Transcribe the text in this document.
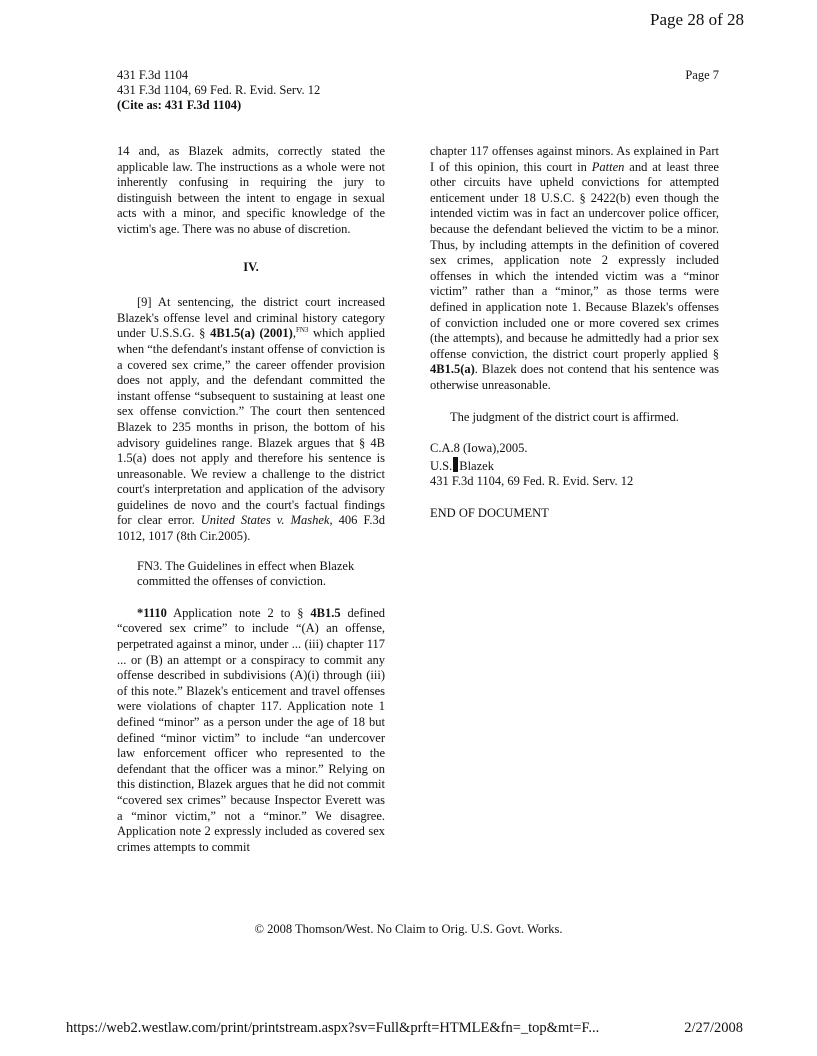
Page 28 of 28
431 F.3d 1104
431 F.3d 1104, 69 Fed. R. Evid. Serv. 12
(Cite as: 431 F.3d 1104)
Page 7

14 and, as Blazek admits, correctly stated the applicable law. The instructions as a whole were not inherently confusing in requiring the jury to distinguish between the intent to engage in sexual acts with a minor, and specific knowledge of the victim's age. There was no abuse of discretion.

IV.

[9] At sentencing, the district court increased Blazek's offense level and criminal history category under U.S.S.G. § 4B1.5(a) (2001),$^{FN3}$ which applied when “the defendant's instant offense of conviction is a covered sex crime,” the career offender provision does not apply, and the defendant committed the instant offense “subsequent to sustaining at least one sex offense conviction.” The court then sentenced Blazek to 235 months in prison, the bottom of his advisory guidelines range. Blazek argues that § 4B 1.5(a) does not apply and therefore his sentence is unreasonable. We review a challenge to the district court's interpretation and application of the advisory guidelines de novo and the court's factual findings for clear error. United States v. Mashek, 406 F.3d 1012, 1017 (8th Cir.2005).

FN3. The Guidelines in effect when Blazek committed the offenses of conviction.

*1110 Application note 2 to § 4B1.5 defined “covered sex crime” to include “(A) an offense, perpetrated against a minor, under ... (iii) chapter 117 ... or (B) an attempt or a conspiracy to commit any offense described in subdivisions (A)(i) through (iii) of this note.” Blazek's enticement and travel offenses were violations of chapter 117. Application note 1 defined “minor” as a person under the age of 18 but defined “minor victim” to include “an undercover law enforcement officer who represented to the defendant that the officer was a minor.” Relying on this distinction, Blazek argues that he did not commit “covered sex crimes” because Inspector Everett was a “minor victim,” not a “minor.” We disagree. Application note 2 expressly included as covered sex crimes attempts to commit

chapter 117 offenses against minors. As explained in Part I of this opinion, this court in Patten and at least three other circuits have upheld convictions for attempted enticement under 18 U.S.C. § 2422(b) even though the intended victim was in fact an undercover police officer, because the defendant believed the victim to be a minor. Thus, by including attempts in the definition of covered sex crimes, application note 2 expressly included offenses in which the intended victim was a “minor victim” rather than a “minor,” as those terms were defined in application note 1. Because Blazek's offenses of conviction included one or more covered sex crimes (the attempts), and because he admittedly had a prior sex offense conviction, the district court properly applied § 4B1.5(a). Blazek does not contend that his sentence was otherwise unreasonable.

The judgment of the district court is affirmed.

C.A.8 (Iowa),2005.
U.S. Blazek
431 F.3d 1104, 69 Fed. R. Evid. Serv. 12

END OF DOCUMENT

© 2008 Thomson/West. No Claim to Orig. U.S. Govt. Works.
https://web2.westlaw.com/print/printstream.aspx?sv=Full&prft=HTMLE&fn=_top&mt=F...	2/27/2008
